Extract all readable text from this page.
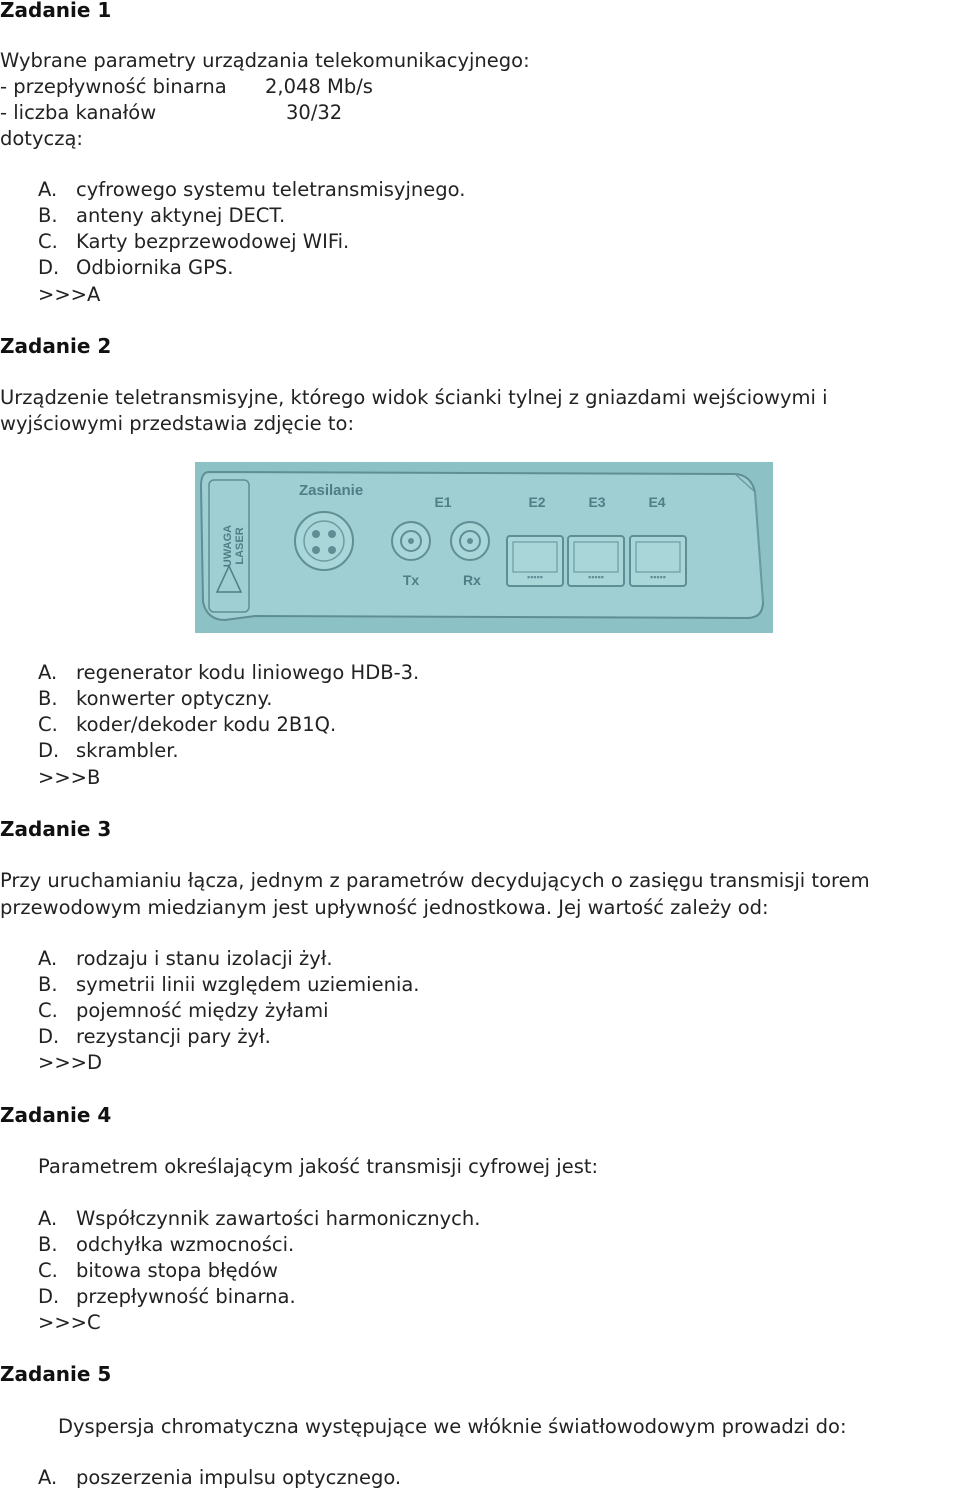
Zadanie 1
Wybrane parametry urządzania telekomunikacyjnego:
- przepływność binarna 2,048 Mb/s
- liczba kanałów	30/32
dotyczą:
A. cyfrowego systemu teletransmisyjnego.
B. anteny aktynej DECT.
C. Karty bezprzewodowej WIFi.
D. Odbiornika GPS.
>>>A
Zadanie 2
Urządzenie teletransmisyjne, którego widok ścianki tylnej z gniazdami wejściowymi i
wyjściowymi przedstawia zdjęcie to:
UWAGA LASER
Zasilanie
E1
Tx	Rx
E2	E3	E4
▪▪▪▪▪	▪▪▪▪▪	▪▪▪▪▪
A. regenerator kodu liniowego HDB-3.
B. konwerter optyczny.
C. koder/dekoder kodu 2B1Q.
D. skrambler.
>>>B
Zadanie 3
Przy uruchamianiu łącza, jednym z parametrów decydujących o zasięgu transmisji torem
przewodowym miedzianym jest upływność jednostkowa. Jej wartość zależy od:
A. rodzaju i stanu izolacji żył.
B. symetrii linii względem uziemienia.
C. pojemność między żyłami
D. rezystancji pary żył.
>>>D
Zadanie 4
Parametrem określającym jakość transmisji cyfrowej jest:
A. Współczynnik zawartości harmonicznych.
B. odchyłka wzmocności.
C. bitowa stopa błędów
D. przepływność binarna.
>>>C
Zadanie 5
Dyspersja chromatyczna występujące we włóknie światłowodowym prowadzi do:
A. poszerzenia impulsu optycznego.
